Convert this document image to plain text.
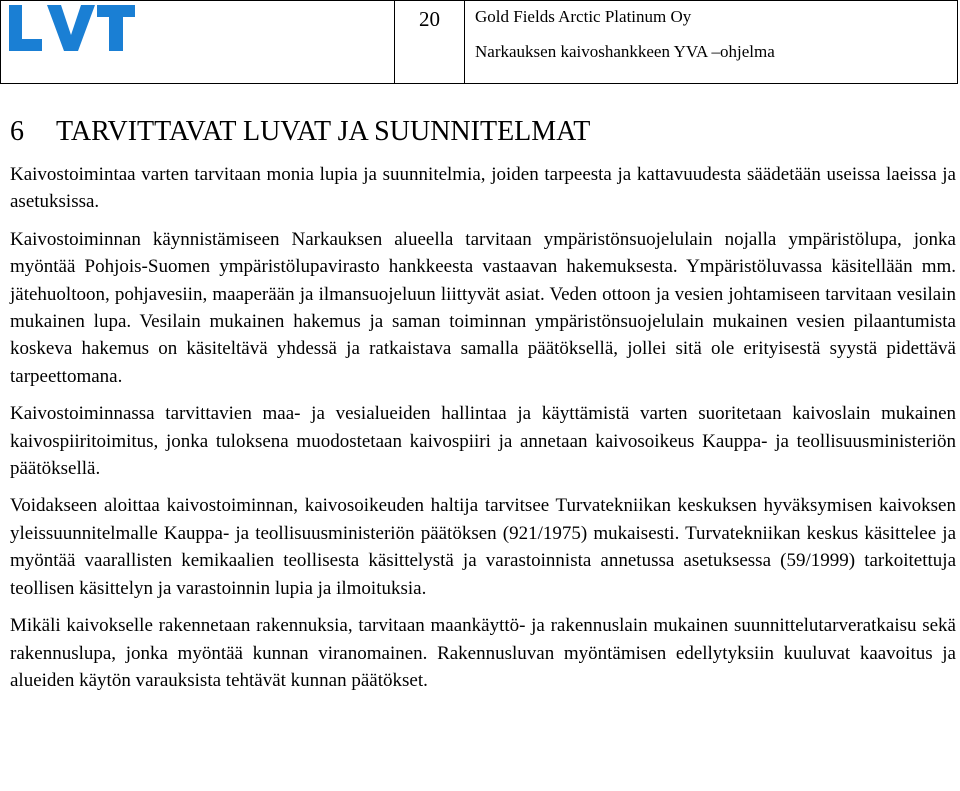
20	Gold Fields Arctic Platinum Oy
Narkauksen kaivoshankkeen YVA –ohjelma
6	TARVITTAVAT LUVAT JA SUUNNITELMAT

Kaivostoimintaa varten tarvitaan monia lupia ja suunnitelmia, joiden tarpeesta ja kattavuudesta säädetään useissa laeissa ja asetuksissa.

Kaivostoiminnan käynnistämiseen Narkauksen alueella tarvitaan ympäristönsuojelulain nojalla ympäristölupa, jonka myöntää Pohjois-Suomen ympäristölupavirasto hankkeesta vastaavan hakemuksesta. Ympäristöluvassa käsitellään mm. jätehuoltoon, pohjavesiin, maaperään ja ilmansuojeluun liittyvät asiat. Veden ottoon ja vesien johtamiseen tarvitaan vesilain mukainen lupa. Vesilain mukainen hakemus ja saman toiminnan ympäristönsuojelulain mukainen vesien pilaantumista koskeva hakemus on käsiteltävä yhdessä ja ratkaistava samalla päätöksellä, jollei sitä ole erityisestä syystä pidettävä tarpeettomana.

Kaivostoiminnassa tarvittavien maa- ja vesialueiden hallintaa ja käyttämistä varten suoritetaan kaivoslain mukainen kaivospiiritoimitus, jonka tuloksena muodostetaan kaivospiiri ja annetaan kaivosoikeus Kauppa- ja teollisuusministeriön päätöksellä.

Voidakseen aloittaa kaivostoiminnan, kaivosoikeuden haltija tarvitsee Turvatekniikan keskuksen hyväksymisen kaivoksen yleissuunnitelmalle Kauppa- ja teollisuusministeriön päätöksen (921/1975) mukaisesti. Turvatekniikan keskus käsittelee ja myöntää vaarallisten kemikaalien teollisesta käsittelystä ja varastoinnista annetussa asetuksessa (59/1999) tarkoitettuja teollisen käsittelyn ja varastoinnin lupia ja ilmoituksia.

Mikäli kaivokselle rakennetaan rakennuksia, tarvitaan maankäyttö- ja rakennuslain mukainen suunnittelutarveratkaisu sekä rakennuslupa, jonka myöntää kunnan viranomainen. Rakennusluvan myöntämisen edellytyksiin kuuluvat kaavoitus ja alueiden käytön varauksista tehtävät kunnan päätökset.
